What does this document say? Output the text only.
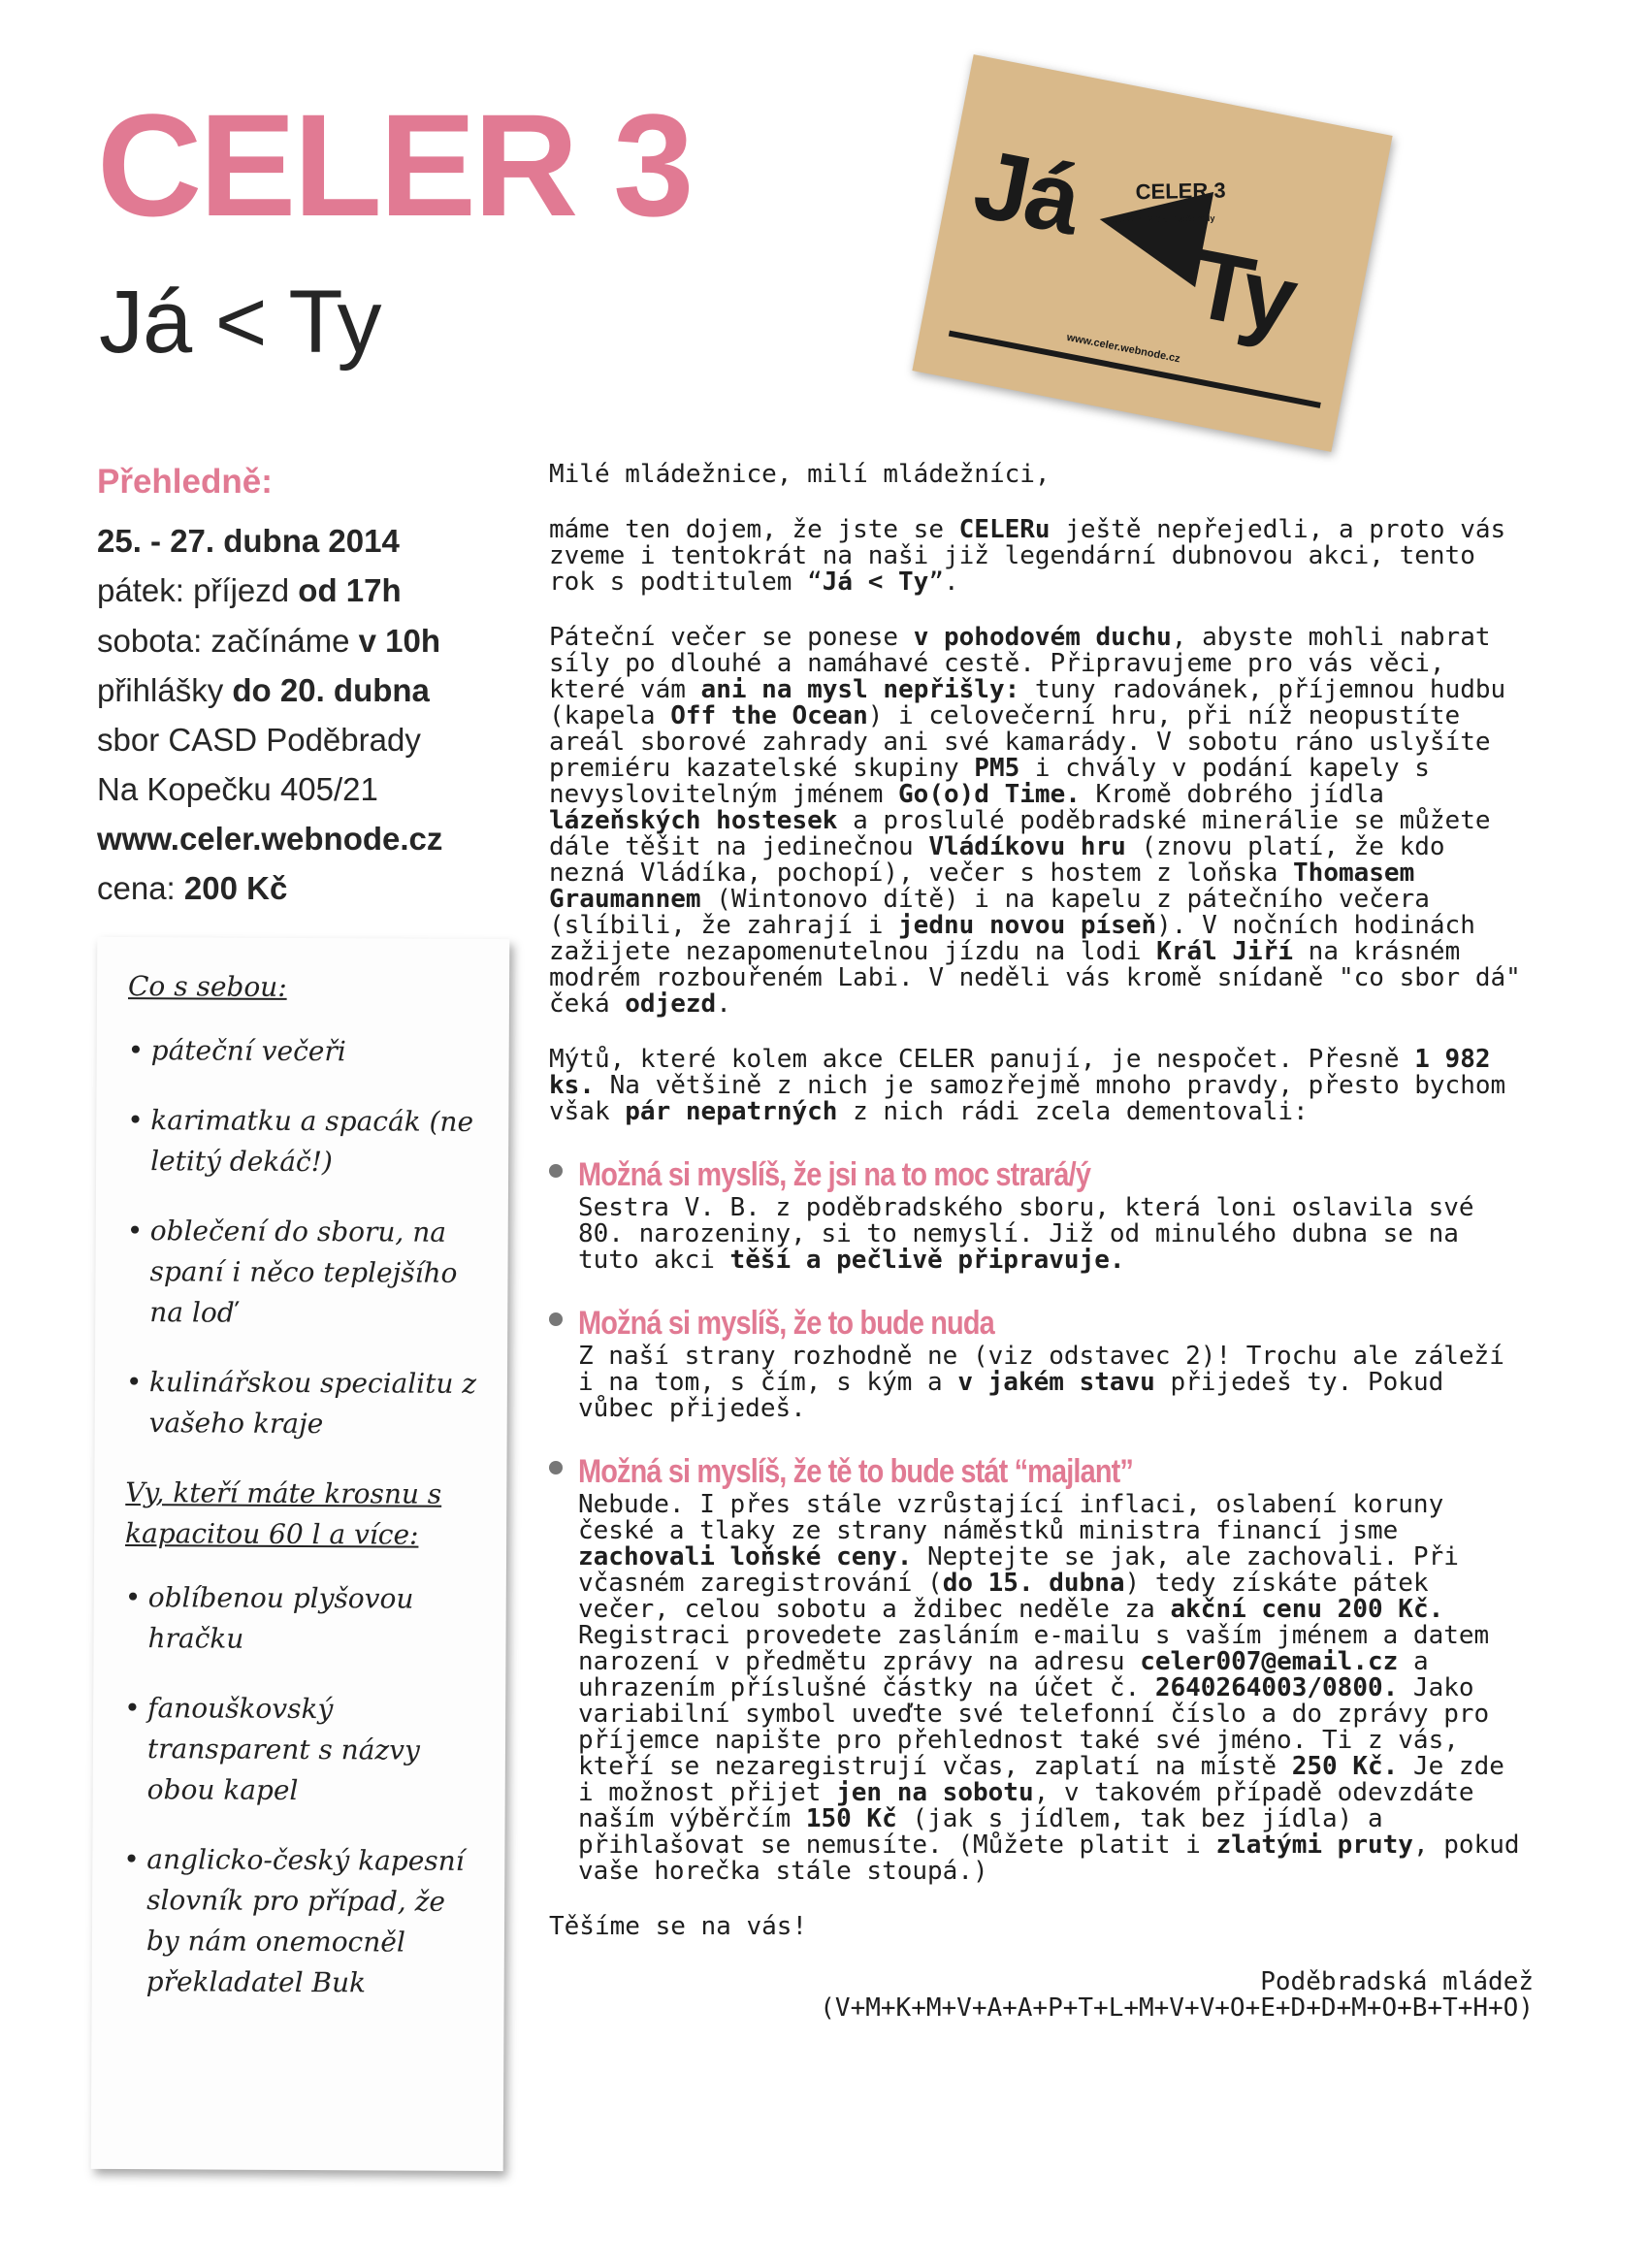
CELER 3
Já < Ty
Já
Ty
CELER 3
25.-27.4. 2014 Poděbrady
www.celer.webnode.cz
Přehledně:
25. - 27. dubna 2014
pátek: příjezd od 17h
sobota: začínáme v 10h
přihlášky do 20. dubna
sbor CASD Poděbrady
Na Kopečku 405/21
www.celer.webnode.cz
cena: 200 Kč
Co s sebou:
• páteční večeři
• karimatku a spacák (ne letitý dekáč!)
• oblečení do sboru, na spaní i něco teplejšího na loď
• kulinářskou specialitu z vašeho kraje
Vy, kteří máte krosnu s kapacitou 60 l a více:
• oblíbenou plyšovou hračku
• fanouškovský transparent s názvy obou kapel
• anglicko-český kapesní slovník pro případ, že by nám onemocněl překladatel Buk

Milé mládežnice, milí mládežníci,

máme ten dojem, že jste se CELERu ještě nepřejedli, a proto vás zveme i tentokrát na naši již legendární dubnovou akci, tento rok s podtitulem “Já < Ty”.

Páteční večer se ponese v pohodovém duchu, abyste mohli nabrat síly po dlouhé a namáhavé cestě. Připravujeme pro vás věci, které vám ani na mysl nepřišly: tuny radovánek, příjemnou hudbu (kapela Off the Ocean) i celovečerní hru, při níž neopustíte areál sborové zahrady ani své kamarády. V sobotu ráno uslyšíte premiéru kazatelské skupiny PM5 i chvály v podání kapely s nevyslovitelným jménem Go(o)d Time. Kromě dobrého jídla lázeňských hostesek a proslulé poděbradské minerálie se můžete dále těšit na jedinečnou Vládíkovu hru (znovu platí, že kdo nezná Vládíka, pochopí), večer s hostem z loňska Thomasem Graumannem (Wintonovo dítě) i na kapelu z pátečního večera (slíbili, že zahrají i jednu novou píseň). V nočních hodinách zažijete nezapomenutelnou jízdu na lodi Král Jiří na krásném modrém rozbouřeném Labi. V neděli vás kromě snídaně "co sbor dá" čeká odjezd.

Mýtů, které kolem akce CELER panují, je nespočet. Přesně 1 982 ks. Na většině z nich je samozřejmě mnoho pravdy, přesto bychom však pár nepatrných z nich rádi zcela dementovali:

Možná si myslíš, že jsi na to moc strará/ý
Sestra V. B. z poděbradského sboru, která loni oslavila své 80. narozeniny, si to nemyslí. Již od minulého dubna se na tuto akci těší a pečlivě připravuje.
Možná si myslíš, že to bude nuda
Z naší strany rozhodně ne (viz odstavec 2)! Trochu ale záleží i na tom, s čím, s kým a v jakém stavu přijedeš ty. Pokud vůbec přijedeš.
Možná si myslíš, že tě to bude stát “majlant”
Nebude. I přes stále vzrůstající inflaci, oslabení koruny české a tlaky ze strany náměstků ministra financí jsme zachovali loňské ceny. Neptejte se jak, ale zachovali. Při včasném zaregistrování (do 15. dubna) tedy získáte pátek večer, celou sobotu a ždibec neděle za akční cenu 200 Kč. Registraci provedete zasláním e-mailu s vaším jménem a datem narození v předmětu zprávy na adresu celer007@email.cz a uhrazením příslušné částky na účet č. 2640264003/0800. Jako variabilní symbol uveďte své telefonní číslo a do zprávy pro příjemce napište pro přehlednost také své jméno. Ti z vás, kteří se nezaregistrují včas, zaplatí na místě 250 Kč. Je zde i možnost přijet jen na sobotu, v takovém případě odevzdáte naším výběrčím 150 Kč (jak s jídlem, tak bez jídla) a přihlašovat se nemusíte. (Můžete platit i zlatými pruty, pokud vaše horečka stále stoupá.)

Těšíme se na vás!

Poděbradská mládež
(V+M+K+M+V+A+A+P+T+L+M+V+V+O+E+D+D+M+O+B+T+H+O)
